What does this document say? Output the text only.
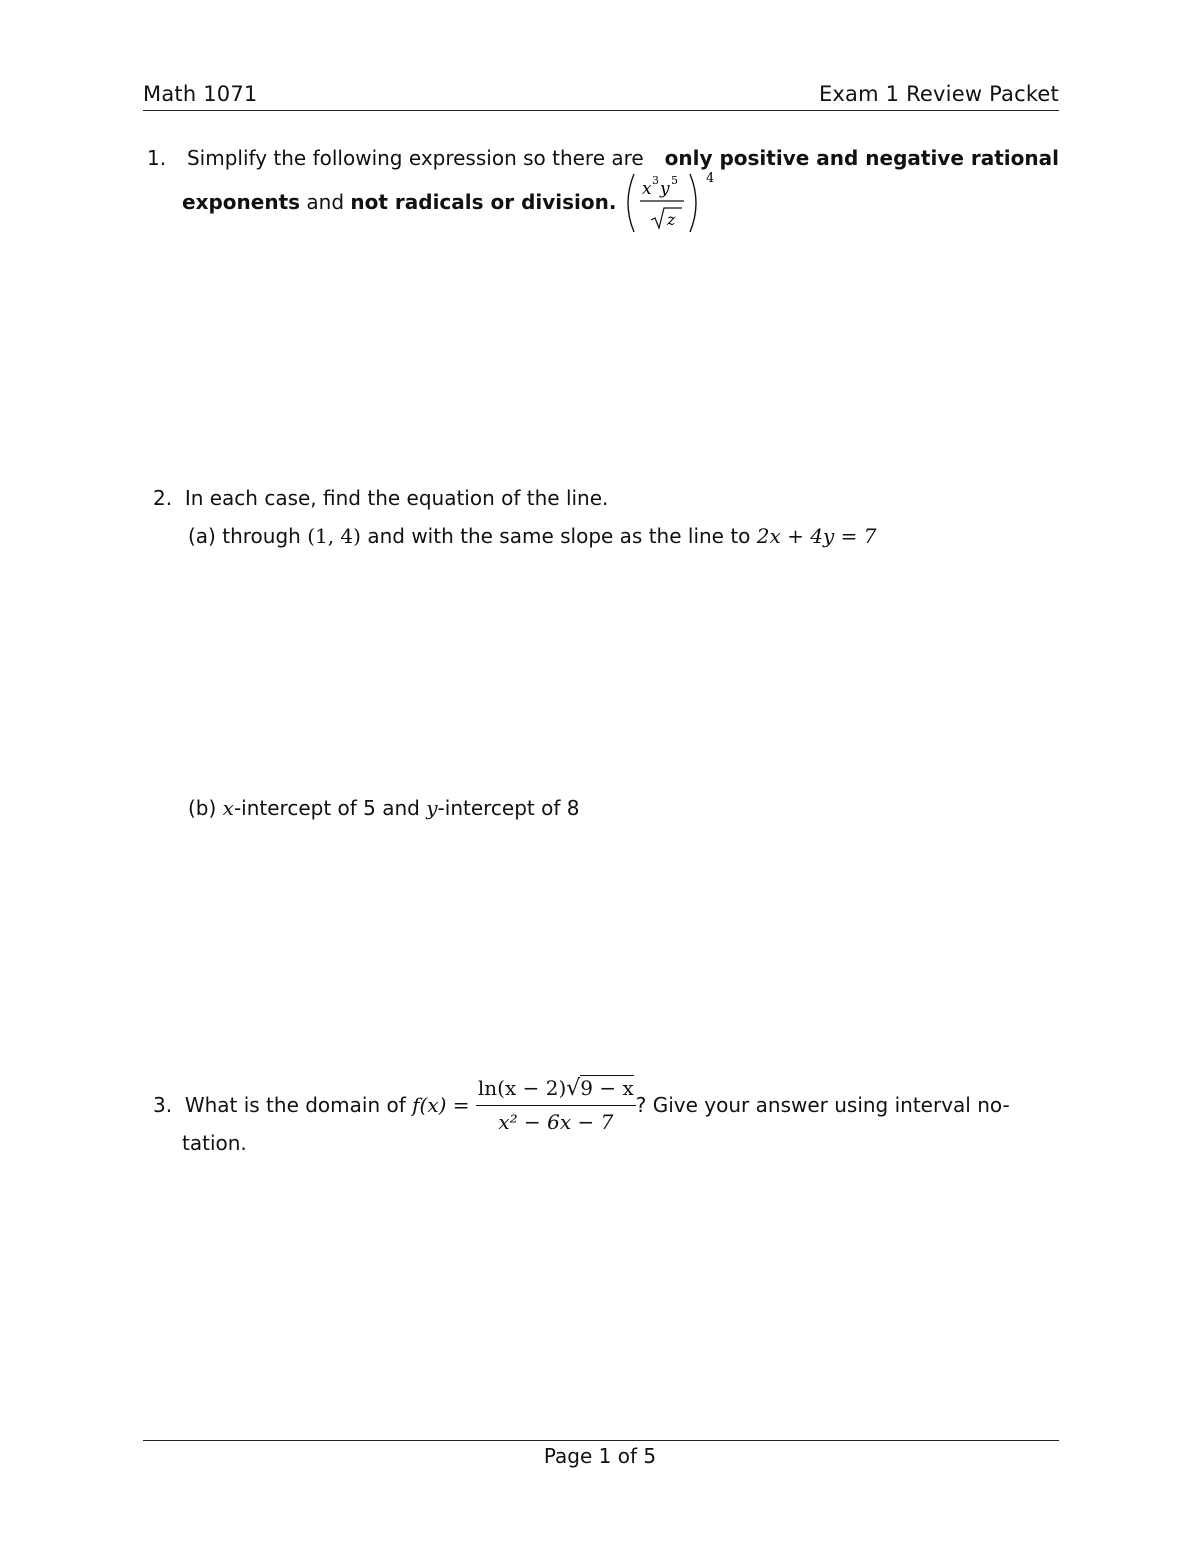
Math 1071	Exam 1 Review Packet
1. Simplify the following expression so there are only positive and negative rational
exponents and not radicals or division.
x 3 y 5
z
4
2. In each case, find the equation of the line.
(a) through (1, 4) and with the same slope as the line to 2x + 4y = 7
(b) x-intercept of 5 and y-intercept of 8
3.
What is the domain of
f(x) =
$\frac{\ln(x - 2)√9 - x}{\text{x² − 6x − 7}}$ ? Give your answer using interval no-
tation.
Page 1 of 5
